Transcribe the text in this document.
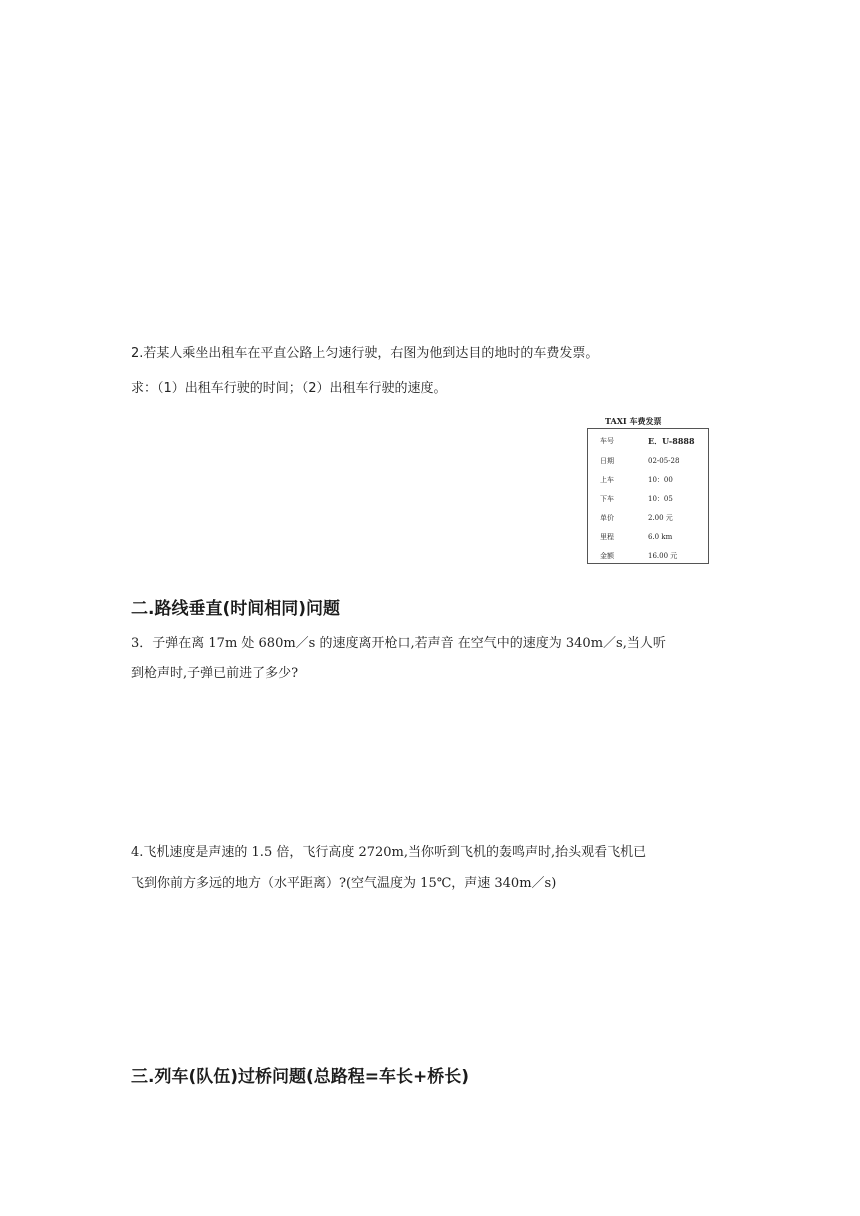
2.若某人乘坐出租车在平直公路上匀速行驶，右图为他到达目的地时的车费发票。

求：（1）出租车行驶的时间；（2）出租车行驶的速度。

TAXI 车费发票
车号	E．U-8888
日期	02-05-28
上车	10：00
下车	10：05
单价	2.00 元
里程	6.0 km
金额	16.00 元
二.路线垂直(时间相同)问题

3．子弹在离 17m 处 680m／s 的速度离开枪口,若声音 在空气中的速度为 340m／s,当人听

到枪声时,子弹已前进了多少?

4.飞机速度是声速的 1.5 倍，飞行高度 2720m,当你听到飞机的轰鸣声时,抬头观看飞机已

飞到你前方多远的地方（水平距离）?(空气温度为 15℃，声速 340m／s)

三.列车(队伍)过桥问题(总路程=车长+桥长)
